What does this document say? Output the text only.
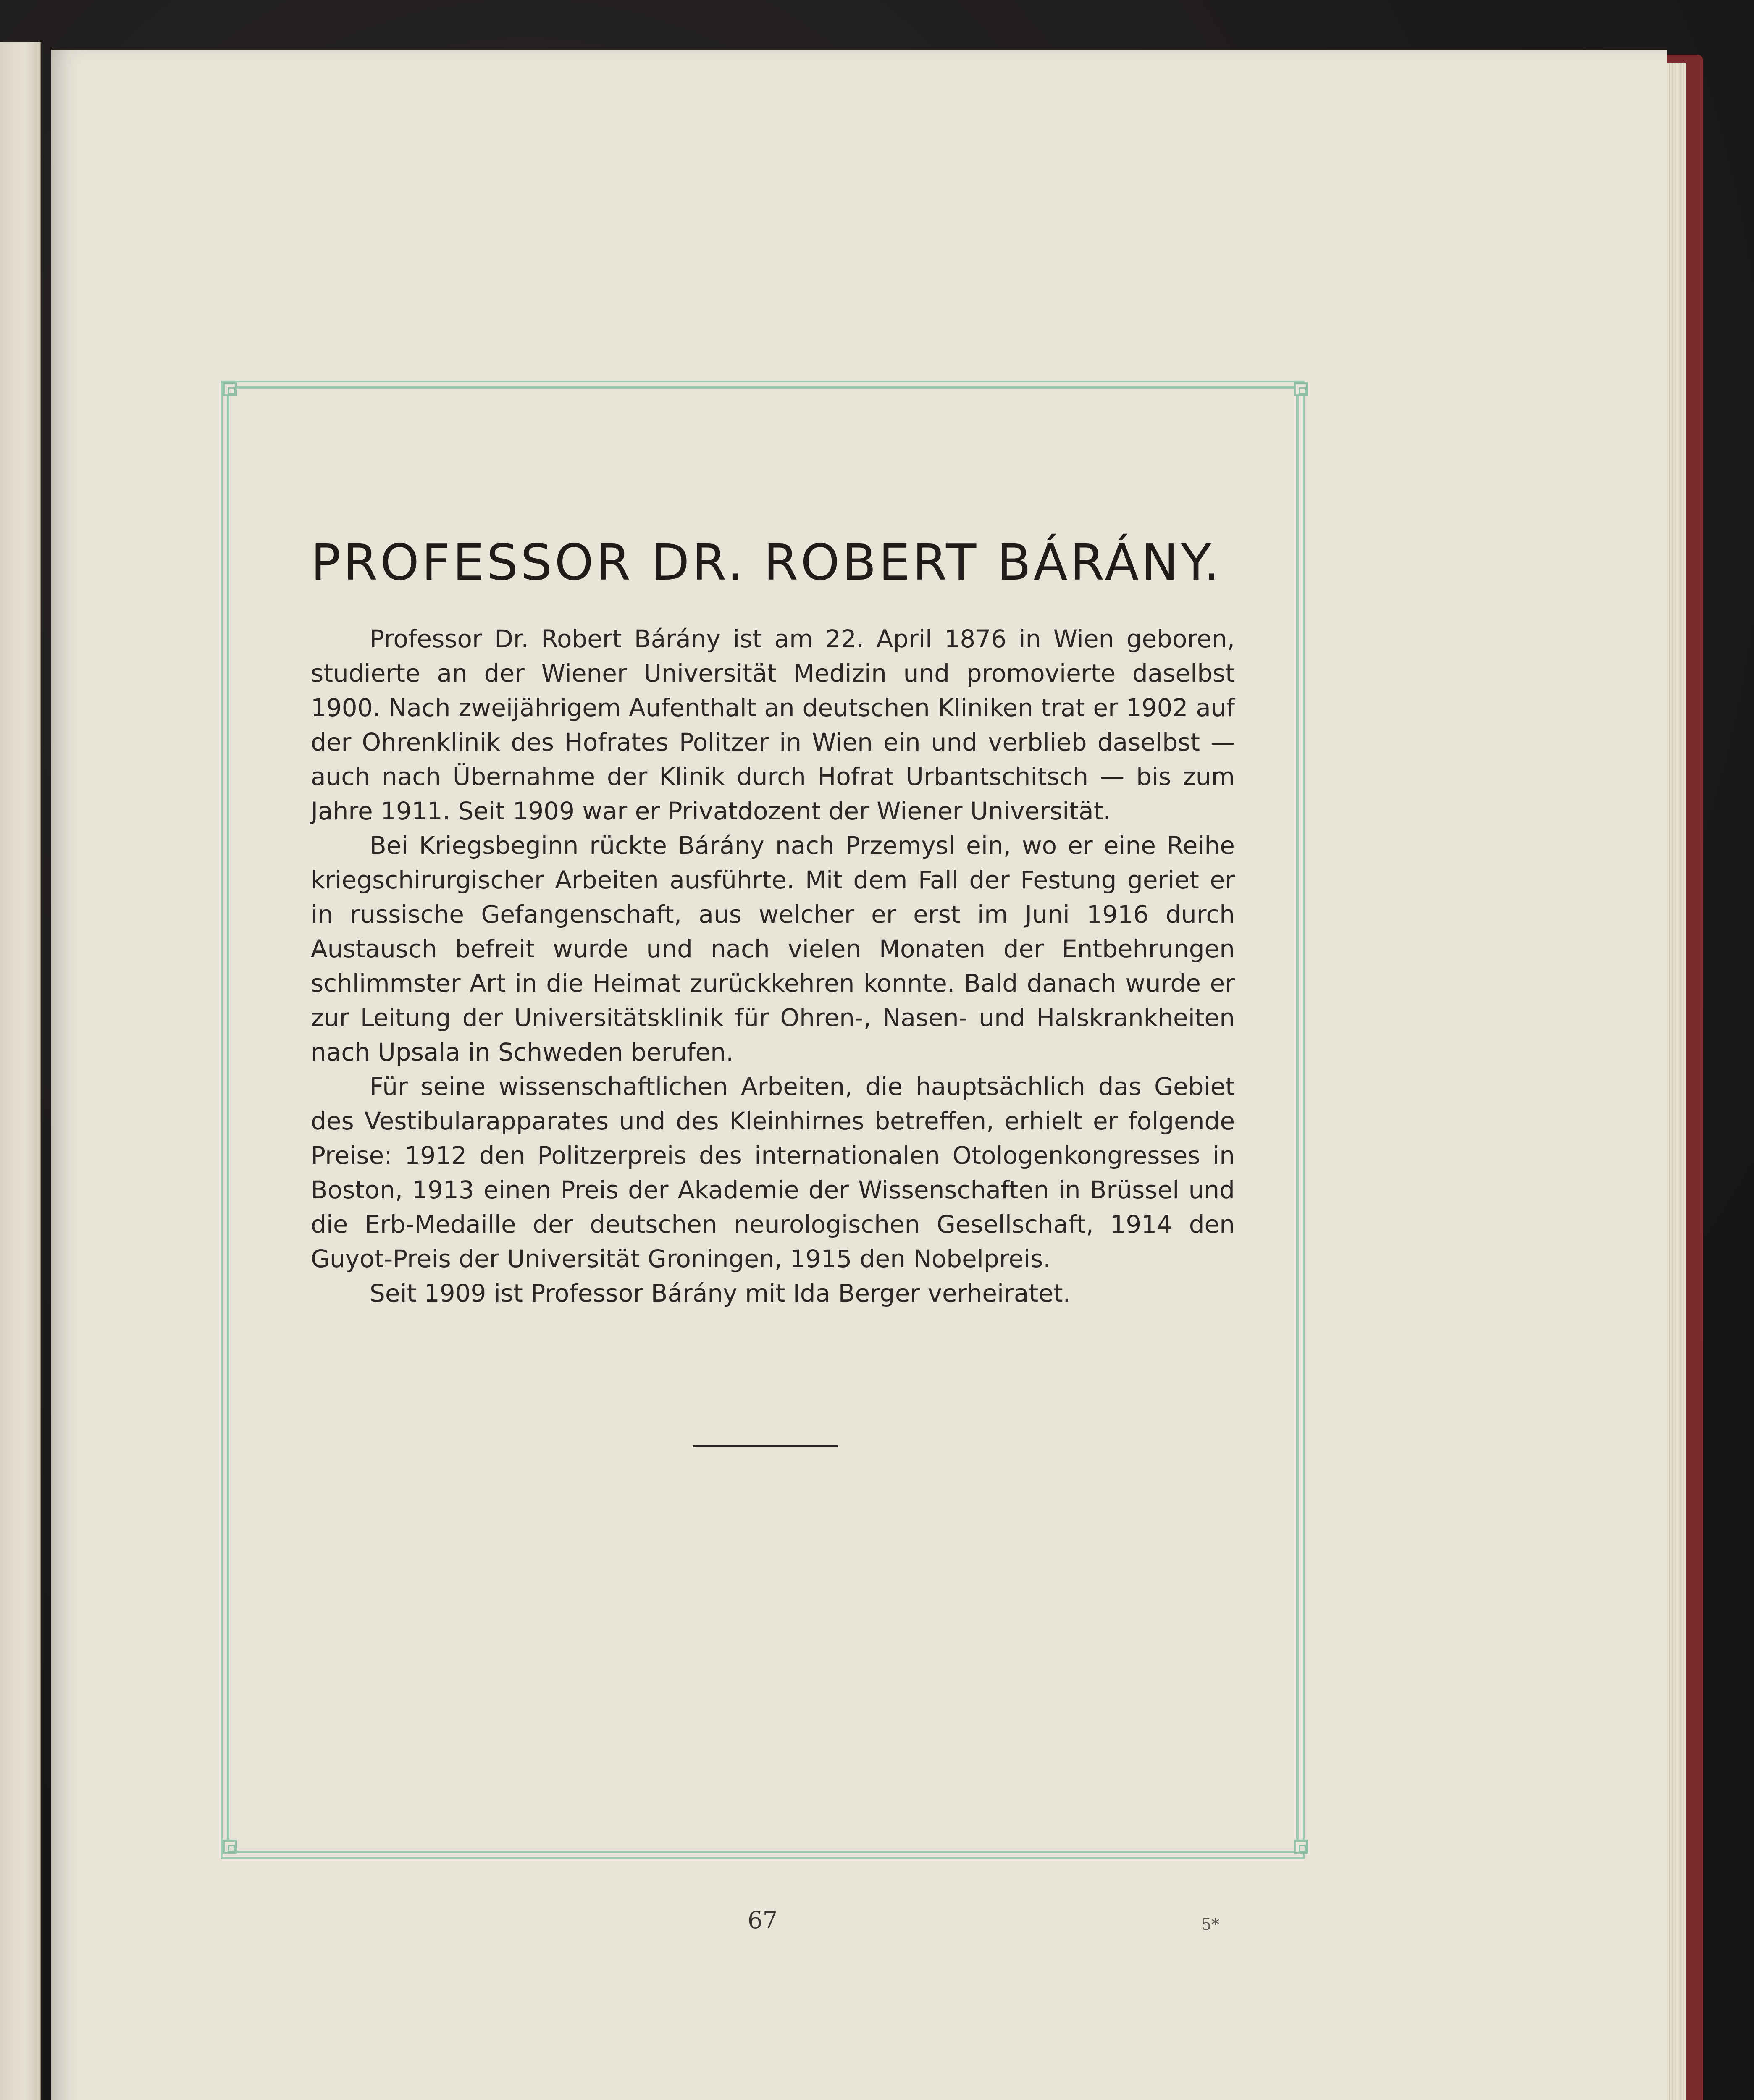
PROFESSOR DR. ROBERT BÁRÁNY.

Professor Dr. Robert Bárány ist am 22. April 1876 in Wien geboren, studierte an der Wiener Universität Medizin und promovierte daselbst 1900. Nach zweijährigem Aufenthalt an deutschen Kliniken trat er 1902 auf der Ohrenklinik des Hofrates Politzer in Wien ein und verblieb daselbst — auch nach Übernahme der Klinik durch Hofrat Urbantschitsch — bis zum Jahre 1911. Seit 1909 war er Privatdozent der Wiener Universität.

Bei Kriegsbeginn rückte Bárány nach Przemysl ein, wo er eine Reihe kriegschirurgischer Arbeiten ausführte. Mit dem Fall der Festung geriet er in russische Gefangenschaft, aus welcher er erst im Juni 1916 durch Austausch befreit wurde und nach vielen Monaten der Entbehrungen schlimmster Art in die Heimat zurückkehren konnte. Bald danach wurde er zur Leitung der Universitätsklinik für Ohren-, Nasen- und Halskrankheiten nach Upsala in Schweden berufen.

Für seine wissenschaftlichen Arbeiten, die hauptsächlich das Gebiet des Vestibularapparates und des Kleinhirnes betreffen, erhielt er folgende Preise: 1912 den Politzerpreis des internationalen Otologenkongresses in Boston, 1913 einen Preis der Akademie der Wissenschaften in Brüssel und die Erb-Medaille der deutschen neurologischen Gesellschaft, 1914 den Guyot-Preis der Universität Groningen, 1915 den Nobelpreis.

Seit 1909 ist Professor Bárány mit Ida Berger verheiratet.

67	5*
